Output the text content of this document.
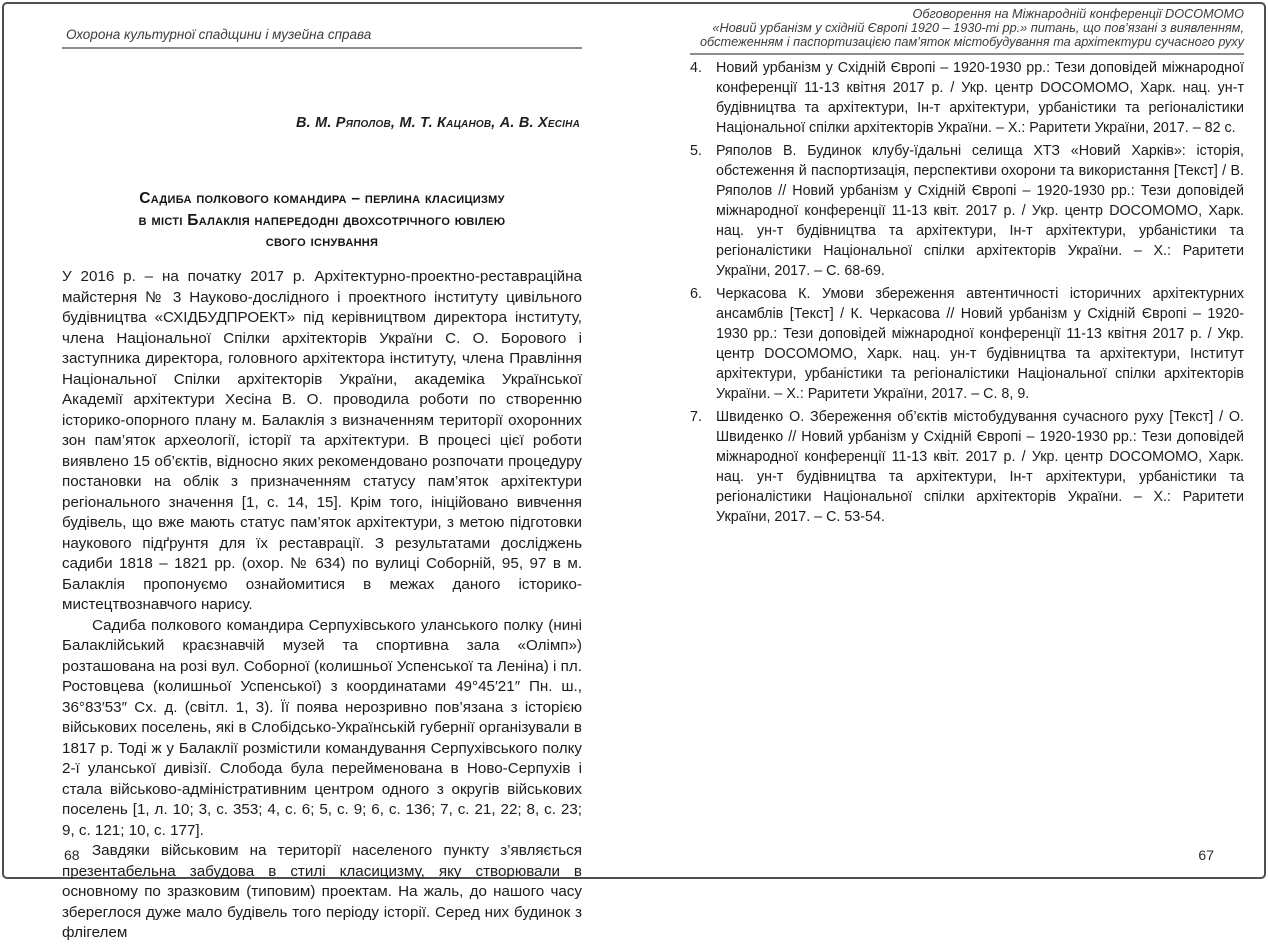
Охорона культурної спадщини і музейна справа
В. М. Ряполов, М. Т. Кацанов, А. В. Хесіна
Садиба полкового командира – перлина класицизму
в місті Балаклія напередодні двохсотрічного ювілею
свого існування

У 2016 р. – на початку 2017 р. Архітектурно-проектно-реставраційна майстерня № 3 Науково-дослідного і проектного інституту цивільного будівництва «СХІДБУДПРОЕКТ» під керівництвом директора інституту, члена Національної Спілки архітекторів України С. О. Борового і заступника директора, головного архітектора інституту, члена Правління Національної Спілки архітекторів України, академіка Української Академії архітектури Хесіна В. О. проводила роботи по створенню історико-опорного плану м. Балаклія з визначенням території охоронних зон пам’яток археології, історії та архітектури. В процесі цієї роботи виявлено 15 об’єктів, відносно яких рекомендовано розпочати процедуру постановки на облік з призначенням статусу пам’яток архітектури регіонального значення [1, с. 14, 15]. Крім того, ініційовано вивчення будівель, що вже мають статус пам’яток архітектури, з метою підготовки наукового підґрунтя для їх реставрації. З результатами досліджень садиби 1818 – 1821 рр. (охор. № 634) по вулиці Соборній, 95, 97 в м. Балаклія пропонуємо ознайомитися в межах даного історико-мистецтвознавчого нарису.

Садиба полкового командира Серпухівського уланського полку (нині Балаклійський краєзнавчій музей та спортивна зала «Олімп») розташована на розі вул. Соборної (колишньої Успенської та Леніна) і пл. Ростовцева (колишньої Успенської) з координатами 49°45′21″ Пн. ш., 36°83′53″ Сх. д. (світл. 1, 3). Її поява нерозривно пов’язана з історією військових поселень, які в Слобідсько-Українській губернії організували в 1817 р. Тоді ж у Балаклії розмістили командування Серпухівського полку 2-ї уланської дивізії. Слобода була перейменована в Ново-Серпухів і стала військово-адміністративним центром одного з округів військових поселень [1, л. 10; 3, с. 353; 4, с. 6; 5, с. 9; 6, с. 136; 7, с. 21, 22; 8, с. 23; 9, с. 121; 10, с. 177].

Завдяки військовим на території населеного пункту з’являється презентабельна забудова в стилі класицизму, яку створювали в основному по зразковим (типовим) проектам. На жаль, до нашого часу збереглося дуже мало будівель того періоду історії. Серед них будинок з флігелем

68
Обговорення на Міжнародній конференції DOCOMOMO
«Новий урбанізм у східній Європі 1920 – 1930-ті рр.» питань, що пов’язані з виявленням,
обстеженням і паспортизацією пам’яток містобудування та архітектури сучасного руху
4. Новий урбанізм у Східній Європі – 1920-1930 рр.: Тези доповідей міжнародної конференції 11-13 квітня 2017 р. / Укр. центр DOCOMOMO, Харк. нац. ун-т будівництва та архітектури, Ін-т архітектури, урбаністики та регіоналістики Національної спілки архітекторів України. – Х.: Раритети України, 2017. – 82 с.
5. Ряполов В. Будинок клубу-їдальні селища ХТЗ «Новий Харків»: історія, обстеження й паспортизація, перспективи охорони та використання [Текст] / В. Ряполов // Новий урбанізм у Східній Європі – 1920-1930 рр.: Тези доповідей міжнародної конференції 11-13 квіт. 2017 р. / Укр. центр DOCOMOMO, Харк. нац. ун-т будівництва та архітектури, Ін-т архітектури, урбаністики та регіоналістики Національної спілки архітекторів України. – Х.: Раритети України, 2017. – С. 68-69.
6. Черкасова К. Умови збереження автентичності історичних архітектурних ансамблів [Текст] / К. Черкасова // Новий урбанізм у Східній Європі – 1920-1930 рр.: Тези доповідей міжнародної конференції 11-13 квітня 2017 р. / Укр. центр DOCOMOMO, Харк. нац. ун-т будівництва та архітектури, Інститут архітектури, урбаністики та регіоналістики Національної спілки архітекторів України. – Х.: Раритети України, 2017. – С. 8, 9.
7. Швиденко О. Збереження об’єктів містобудування сучасного руху [Текст] / О. Швиденко // Новий урбанізм у Східній Європі – 1920-1930 рр.: Тези доповідей міжнародної конференції 11-13 квіт. 2017 р. / Укр. центр DOCOMOMO, Харк. нац. ун-т будівництва та архітектури, Ін-т архітектури, урбаністики та регіоналістики Національної спілки архітекторів України. – Х.: Раритети України, 2017. – С. 53-54.
67
